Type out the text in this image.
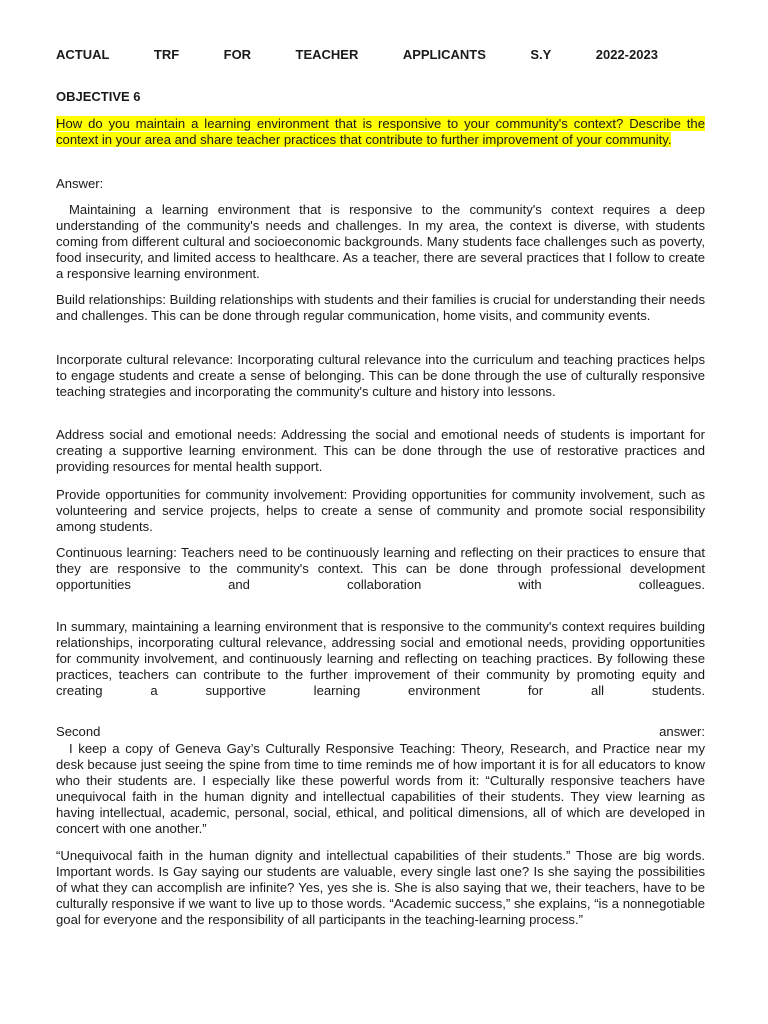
ACTUAL	TRF	FOR	TEACHER	APPLICANTS	S.Y	2022-2023
OBJECTIVE 6
How do you maintain a learning environment that is responsive to your community's context? Describe the context in your area and share teacher practices that contribute to further improvement of your community.

Answer:

Maintaining a learning environment that is responsive to the community's context requires a deep understanding of the community's needs and challenges. In my area, the context is diverse, with students coming from different cultural and socioeconomic backgrounds. Many students face challenges such as poverty, food insecurity, and limited access to healthcare. As a teacher, there are several practices that I follow to create a responsive learning environment.

Build relationships: Building relationships with students and their families is crucial for understanding their needs and challenges. This can be done through regular communication, home visits, and community events.

Incorporate cultural relevance: Incorporating cultural relevance into the curriculum and teaching practices helps to engage students and create a sense of belonging. This can be done through the use of culturally responsive teaching strategies and incorporating the community's culture and history into lessons.

Address social and emotional needs: Addressing the social and emotional needs of students is important for creating a supportive learning environment. This can be done through the use of restorative practices and providing resources for mental health support.

Provide opportunities for community involvement: Providing opportunities for community involvement, such as volunteering and service projects, helps to create a sense of community and promote social responsibility among students.

Continuous learning: Teachers need to be continuously learning and reflecting on their practices to ensure that they are responsive to the community's context. This can be done through professional development opportunities and collaboration with colleagues.

In summary, maintaining a learning environment that is responsive to the community's context requires building relationships, incorporating cultural relevance, addressing social and emotional needs, providing opportunities for community involvement, and continuously learning and reflecting on teaching practices. By following these practices, teachers can contribute to the further improvement of their community by promoting equity and creating a supportive learning environment for all students.

Second answer:

I keep a copy of Geneva Gay’s Culturally Responsive Teaching: Theory, Research, and Practice near my desk because just seeing the spine from time to time reminds me of how important it is for all educators to know who their students are. I especially like these powerful words from it: “Culturally responsive teachers have unequivocal faith in the human dignity and intellectual capabilities of their students. They view learning as having intellectual, academic, personal, social, ethical, and political dimensions, all of which are developed in concert with one another.”

“Unequivocal faith in the human dignity and intellectual capabilities of their students.” Those are big words. Important words. Is Gay saying our students are valuable, every single last one? Is she saying the possibilities of what they can accomplish are infinite? Yes, yes she is. She is also saying that we, their teachers, have to be culturally responsive if we want to live up to those words. “Academic success,” she explains, “is a nonnegotiable goal for everyone and the responsibility of all participants in the teaching-learning process.”
